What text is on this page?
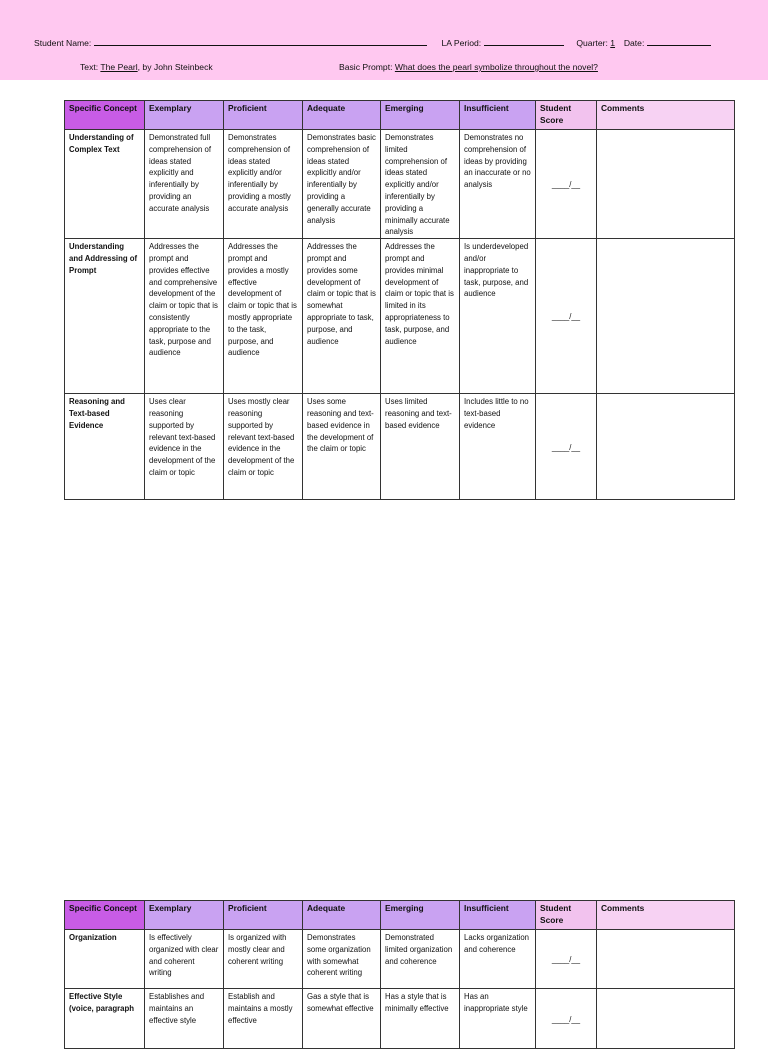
Student Name:	LA Period:	Quarter: 1 Date:
Text: The Pearl, by John Steinbeck	Basic Prompt: What does the pearl symbolize throughout the novel?
Specific Concept	Exemplary	Proficient	Adequate	Emerging	Insufficient	Student Score	Comments
Understanding of Complex Text	Demonstrated full comprehension of ideas stated explicitly and inferentially by providing an accurate analysis	Demonstrates comprehension of ideas stated explicitly and/or inferentially by providing a mostly accurate analysis	Demonstrates basic comprehension of ideas stated explicitly and/or inferentially by providing a generally accurate analysis	Demonstrates limited comprehension of ideas stated explicitly and/or inferentially by providing a minimally accurate analysis	Demonstrates no comprehension of ideas by providing an inaccurate or no analysis	____/__	
Understanding and Addressing of Prompt	Addresses the prompt and provides effective and comprehensive development of the claim or topic that is consistently appropriate to the task, purpose and audience	Addresses the prompt and provides a mostly effective development of claim or topic that is mostly appropriate to the task, purpose, and audience	Addresses the prompt and provides some development of claim or topic that is somewhat appropriate to task, purpose, and audience	Addresses the prompt and provides minimal development of claim or topic that is limited in its appropriateness to task, purpose, and audience	Is underdeveloped and/or inappropriate to task, purpose, and audience	____/__	
Reasoning and Text-based Evidence	Uses clear reasoning supported by relevant text-based evidence in the development of the claim or topic	Uses mostly clear reasoning supported by relevant text-based evidence in the development of the claim or topic	Uses some reasoning and text-based evidence in the development of the claim or topic	Uses limited reasoning and text-based evidence	Includes little to no text-based evidence	____/__	
Specific Concept	Exemplary	Proficient	Adequate	Emerging	Insufficient	Student Score	Comments
Organization	Is effectively organized with clear and coherent writing	Is organized with mostly clear and coherent writing	Demonstrates some organization with somewhat coherent writing	Demonstrated limited organization and coherence	Lacks organization and coherence	____/__	
Effective Style (voice, paragraph	Establishes and maintains an effective style	Establish and maintains a mostly effective	Gas a style that is somewhat effective	Has a style that is minimally effective	Has an inappropriate style	____/__	
